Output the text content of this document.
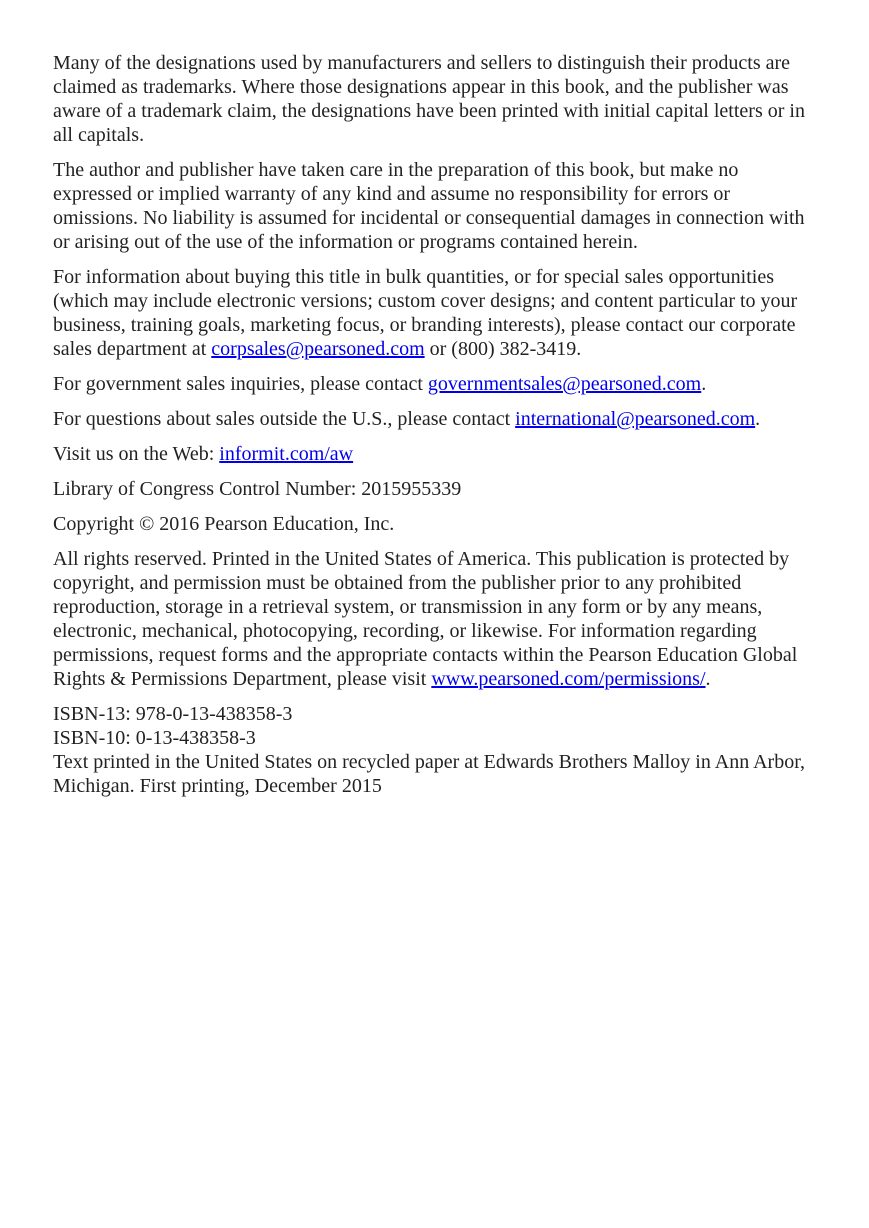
Many of the designations used by manufacturers and sellers to distinguish their products are claimed as trademarks. Where those designations appear in this book, and the publisher was aware of a trademark claim, the designations have been printed with initial capital letters or in all capitals.

The author and publisher have taken care in the preparation of this book, but make no expressed or implied warranty of any kind and assume no responsibility for errors or omissions. No liability is assumed for incidental or consequential damages in connection with or arising out of the use of the information or programs contained herein.

For information about buying this title in bulk quantities, or for special sales opportunities (which may include electronic versions; custom cover designs; and content particular to your business, training goals, marketing focus, or branding interests), please contact our corporate sales department at corpsales@pearsoned.com or (800) 382-3419.

For government sales inquiries, please contact governmentsales@pearsoned.com.

For questions about sales outside the U.S., please contact international@pearsoned.com.

Visit us on the Web: informit.com/aw

Library of Congress Control Number: 2015955339

Copyright © 2016 Pearson Education, Inc.

All rights reserved. Printed in the United States of America. This publication is protected by copyright, and permission must be obtained from the publisher prior to any prohibited reproduction, storage in a retrieval system, or transmission in any form or by any means, electronic, mechanical, photocopying, recording, or likewise. For information regarding permissions, request forms and the appropriate contacts within the Pearson Education Global Rights & Permissions Department, please visit www.pearsoned.com/permissions/.

ISBN-13: 978-0-13-438358-3

ISBN-10: 0-13-438358-3

Text printed in the United States on recycled paper at Edwards Brothers Malloy in Ann Arbor, Michigan. First printing, December 2015
